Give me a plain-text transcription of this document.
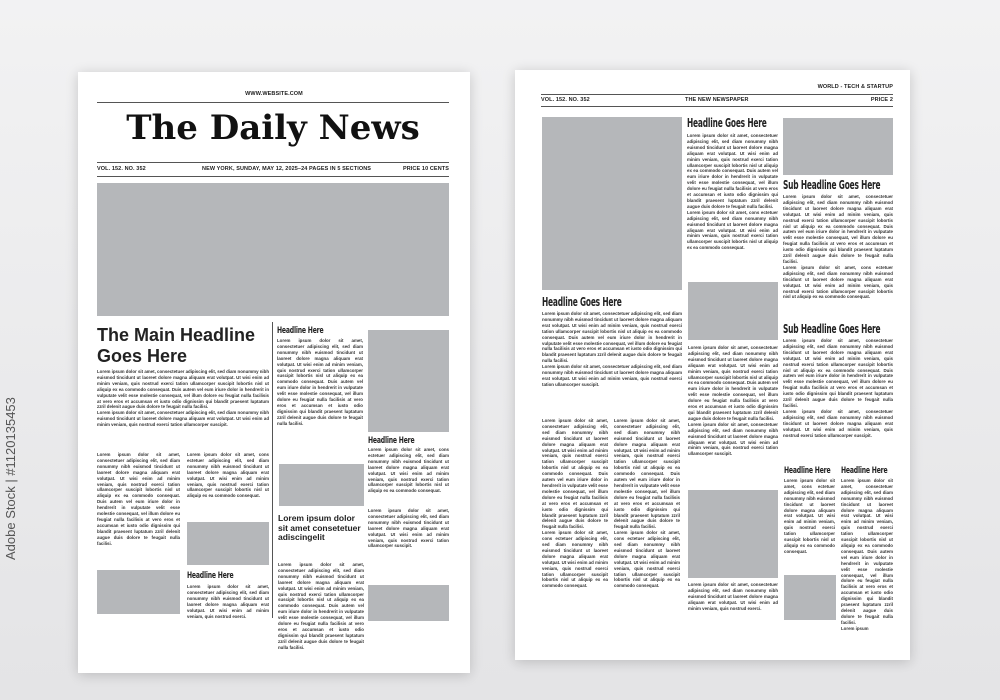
Adobe Stock | #1120135453
WWW.WEBSITE.COM
The Daily News
VOL. 152. NO. 352	NEW YORK, SUNDAY, MAY 12, 2025–24 PAGES IN 5 SECTIONS	PRICE 10 CENTS
The Main Headline Goes Here

Lorem ipsum dolor sit amet, consectetuer adipiscing elit, sed diam nonummy nibh euismod tincidunt ut laoreet dolore magna aliquam erat volutpat. Ut wisi enim ad minim veniam, quis nostrud exerci tation ullamcorper suscipit lobortis nisl ut aliquip ex ea commodo consequat. Duis autem vel eum iriure dolor in hendrerit in vulputate velit esse molestie consequat, vel illum dolore eu feugiat nulla facilisis at vero eros et accumsan et iusto odio dignissim qui blandit praesent luptatum zzril delenit augue duis dolore te feugait nulla facilisi.

Lorem ipsum dolor sit amet, consectetuer adipiscing elit, sed diam nonummy nibh euismod tincidunt ut laoreet dolore magna aliquam erat volutpat. Ut wisi enim ad minim veniam, quis nostrud exerci tation ullamcorper suscipit.

Lorem ipsum dolor sit amet, consectetuer adipiscing elit, sed diam nonummy nibh euismod tincidunt ut laoreet dolore magna aliquam erat volutpat. Ut wisi enim ad minim veniam, quis nostrud exerci tation ullamcorper suscipit lobortis nisl ut aliquip ex ea commodo consequat. Duis autem vel eum iriure dolor in hendrerit in vulputate velit esse molestie consequat, vel illum dolore eu feugiat nulla facilisis at vero eros et accumsan et iusto odio dignissim qui blandit praesent luptatum zzril delenit augue duis dolore te feugait nulla facilisi.
Lorem ipsum dolor sit amet, cons ectetuer adipiscing elit, sed diam nonummy nibh euismod tincidunt ut laoreet dolore magna aliquam erat volutpat. Ut wisi enim ad minim veniam, quis nostrud exerci tation ullamcorper suscipit lobortis nisl ut aliquip ex ea commodo consequat.
Headline Here
Lorem ipsum dolor sit amet, consectetuer adipiscing elit, sed diam nonummy nibh euismod tincidunt ut laoreet dolore magna aliquam erat volutpat. Ut wisi enim ad minim veniam, quis nostrud exerci.
Headline Here
Lorem ipsum dolor sit amet, consectetuer adipiscing elit, sed diam nonummy nibh euismod tincidunt ut laoreet dolore magna aliquam erat volutpat. Ut wisi enim ad minim veniam, quis nostrud exerci tation ullamcorper suscipit lobortis nisl ut aliquip ex ea commodo consequat. Duis autem vel eum iriure dolor in hendrerit in vulputate velit esse molestie consequat, vel illum dolore eu feugiat nulla facilisis at vero eros et accumsan et iusto odio dignissim qui blandit praesent luptatum zzril delenit augue duis dolore te feugait nulla facilisi.
Lorem ipsum dolor sit amet consetetuer adiscingelit
Lorem ipsum dolor sit amet, consectetuer adipiscing elit, sed diam nonummy nibh euismod tincidunt ut laoreet dolore magna aliquam erat volutpat. Ut wisi enim ad minim veniam, quis nostrud exerci tation ullamcorper suscipit lobortis nisl ut aliquip ex ea commodo consequat. Duis autem vel eum iriure dolor in hendrerit in vulputate velit esse molestie consequat, vel illum dolore eu feugiat nulla facilisis at vero eros et accumsan et iusto odio dignissim qui blandit praesent luptatum zzril delenit augue duis dolore te feugait nulla facilisi.
Headline Here
Lorem ipsum dolor sit amet, cons ectetuer adipiscing elit, sed diam nonummy nibh euismod tincidunt ut laoreet dolore magna aliquam erat volutpat. Ut wisi enim ad minim veniam, quis nostrud exerci tation ullamcorper suscipit lobortis nisl ut aliquip ex ea commodo consequat.
Lorem ipsum dolor sit amet, consectetuer adipiscing elit, sed diam nonummy nibh euismod tincidunt ut laoreet dolore magna aliquam erat volutpat. Ut wisi enim ad minim veniam, quis nostrud exerci tation ullamcorper suscipit.
WORLD - TECH & STARTUP
VOL. 152. NO. 352	THE NEW NEWSPAPER	PRICE 2
Headline Goes Here

Lorem ipsum dolor sit amet, consectetuer adipiscing elit, sed diam nonummy nibh euismod tincidunt ut laoreet dolore magna aliquam erat volutpat. Ut wisi enim ad minim veniam, quis nostrud exerci tation ullamcorper suscipit lobortis nisl ut aliquip ex ea commodo consequat. Duis autem vel eum iriure dolor in hendrerit in vulputate velit esse molestie consequat, vel illum dolore eu feugiat nulla facilisis at vero eros et accumsan et iusto odio dignissim qui blandit praesent luptatum zzril delenit augue duis dolore te feugait nulla facilisi.

Lorem ipsum dolor sit amet, cons ectetuer adipiscing elit, sed diam nonummy nibh euismod tincidunt ut laoreet dolore magna aliquam erat volutpat. Ut wisi enim ad minim veniam, quis nostrud exerci tation ullamcorper suscipit lobortis nisl ut aliquip ex ea commodo consequat.

Sub Headline Goes Here

Lorem ipsum dolor sit amet, consectetuer adipiscing elit, sed diam nonummy nibh euismod tincidunt ut laoreet dolore magna aliquam erat volutpat. Ut wisi enim ad minim veniam, quis nostrud exerci tation ullamcorper suscipit lobortis nisl ut aliquip ex ea commodo consequat. Duis autem vel eum iriure dolor in hendrerit in vulputate velit esse molestie consequat, vel illum dolore eu feugiat nulla facilisis at vero eros et accumsan et iusto odio dignissim qui blandit praesent luptatum zzril delenit augue duis dolore te feugait nulla facilisi.

Lorem ipsum dolor sit amet, cons ectetuer adipiscing elit, sed diam nonummy nibh euismod tincidunt ut laoreet dolore magna aliquam erat volutpat. Ut wisi enim ad minim veniam, quis nostrud exerci tation ullamcorper suscipit lobortis nisl ut aliquip ex ea commodo consequat.

Sub Headline Goes Here

Lorem ipsum dolor sit amet, consectetuer adipiscing elit, sed diam nonummy nibh euismod tincidunt ut laoreet dolore magna aliquam erat volutpat. Ut wisi enim ad minim veniam, quis nostrud exerci tation ullamcorper suscipit lobortis nisl ut aliquip ex ea commodo consequat. Duis autem vel eum iriure dolor in hendrerit in vulputate velit esse molestie consequat, vel illum dolore eu feugiat nulla facilisis at vero eros et accumsan et iusto odio dignissim qui blandit praesent luptatum zzril delenit augue duis dolore te feugait nulla facilisi.

Lorem ipsum dolor sit amet, consectetuer adipiscing elit, sed diam nonummy nibh euismod tincidunt ut laoreet dolore magna aliquam erat volutpat. Ut wisi enim ad minim veniam, quis nostrud exerci tation ullamcorper suscipit.

Headline Goes Here

Lorem ipsum dolor sit amet, consectetuer adipiscing elit, sed diam nonummy nibh euismod tincidunt ut laoreet dolore magna aliquam erat volutpat. Ut wisi enim ad minim veniam, quis nostrud exerci tation ullamcorper suscipit lobortis nisl ut aliquip ex ea commodo consequat. Duis autem vel eum iriure dolor in hendrerit in vulputate velit esse molestie consequat, vel illum dolore eu feugiat nulla facilisis at vero eros et accumsan et iusto odio dignissim qui blandit praesent luptatum zzril delenit augue duis dolore te feugait nulla facilisi.

Lorem ipsum dolor sit amet, consectetuer adipiscing elit, sed diam nonummy nibh euismod tincidunt ut laoreet dolore magna aliquam erat volutpat. Ut wisi enim ad minim veniam, quis nostrud exerci tation ullamcorper suscipit.

Lorem ipsum dolor sit amet, consectetuer adipiscing elit, sed diam nonummy nibh euismod tincidunt ut laoreet dolore magna aliquam erat volutpat. Ut wisi enim ad minim veniam, quis nostrud exerci tation ullamcorper suscipit lobortis nisl ut aliquip ex ea commodo consequat. Duis autem vel eum iriure dolor in hendrerit in vulputate velit esse molestie consequat, vel illum dolore eu feugiat nulla facilisis at vero eros et accumsan et iusto odio dignissim qui blandit praesent luptatum zzril delenit augue duis dolore te feugait nulla facilisi.

Lorem ipsum dolor sit amet, consectetuer adipiscing elit, sed diam nonummy nibh euismod tincidunt ut laoreet dolore magna aliquam erat volutpat. Ut wisi enim ad minim veniam, quis nostrud exerci tation ullamcorper suscipit.

Lorem ipsum dolor sit amet, consectetuer adipiscing elit, sed diam nonummy nibh euismod tincidunt ut laoreet dolore magna aliquam erat volutpat. Ut wisi enim ad minim veniam, quis nostrud exerci.

Lorem ipsum dolor sit amet, consectetuer adipiscing elit, sed diam nonummy nibh euismod tincidunt ut laoreet dolore magna aliquam erat volutpat. Ut wisi enim ad minim veniam, quis nostrud exerci tation ullamcorper suscipit lobortis nisl ut aliquip ex ea commodo consequat. Duis autem vel eum iriure dolor in hendrerit in vulputate velit esse molestie consequat, vel illum dolore eu feugiat nulla facilisis at vero eros et accumsan et iusto odio dignissim qui blandit praesent luptatum zzril delenit augue duis dolore te feugait nulla facilisi.

Lorem ipsum dolor sit amet, cons ectetuer adipiscing elit, sed diam nonummy nibh euismod tincidunt ut laoreet dolore magna aliquam erat volutpat. Ut wisi enim ad minim veniam, quis nostrud exerci tation ullamcorper suscipit lobortis nisl ut aliquip ex ea commodo consequat.

Lorem ipsum dolor sit amet, consectetuer adipiscing elit, sed diam nonummy nibh euismod tincidunt ut laoreet dolore magna aliquam erat volutpat. Ut wisi enim ad minim veniam, quis nostrud exerci tation ullamcorper suscipit lobortis nisl ut aliquip ex ea commodo consequat. Duis autem vel eum iriure dolor in hendrerit in vulputate velit esse molestie consequat, vel illum dolore eu feugiat nulla facilisis at vero eros et accumsan et iusto odio dignissim qui blandit praesent luptatum zzril delenit augue duis dolore te feugait nulla facilisi.

Lorem ipsum dolor sit amet, cons ectetuer adipiscing elit, sed diam nonummy nibh euismod tincidunt ut laoreet dolore magna aliquam erat volutpat. Ut wisi enim ad minim veniam, quis nostrud exerci tation ullamcorper suscipit lobortis nisl ut aliquip ex ea commodo consequat.

Headline Here
Lorem ipsum dolor sit amet, cons ectetuer adipiscing elit, sed diam nonummy nibh euismod tincidunt ut laoreet dolore magna aliquam erat volutpat. Ut wisi enim ad minim veniam, quis nostrud exerci tation ullamcorper suscipit lobortis nisl ut aliquip ex ea commodo consequat.
Headline Here

Lorem ipsum dolor sit amet, consectetuer adipiscing elit, sed diam nonummy nibh euismod tincidunt ut laoreet dolore magna aliquam erat volutpat. Ut wisi enim ad minim veniam, quis nostrud exerci tation ullamcorper suscipit lobortis nisl ut aliquip ex ea commodo consequat. Duis autem vel eum iriure dolor in hendrerit in vulputate velit esse molestie consequat, vel illum dolore eu feugiat nulla facilisis at vero eros et accumsan et iusto odio dignissim qui blandit praesent luptatum zzril delenit augue duis dolore te feugait nulla facilisi.

Lorem ipsum
